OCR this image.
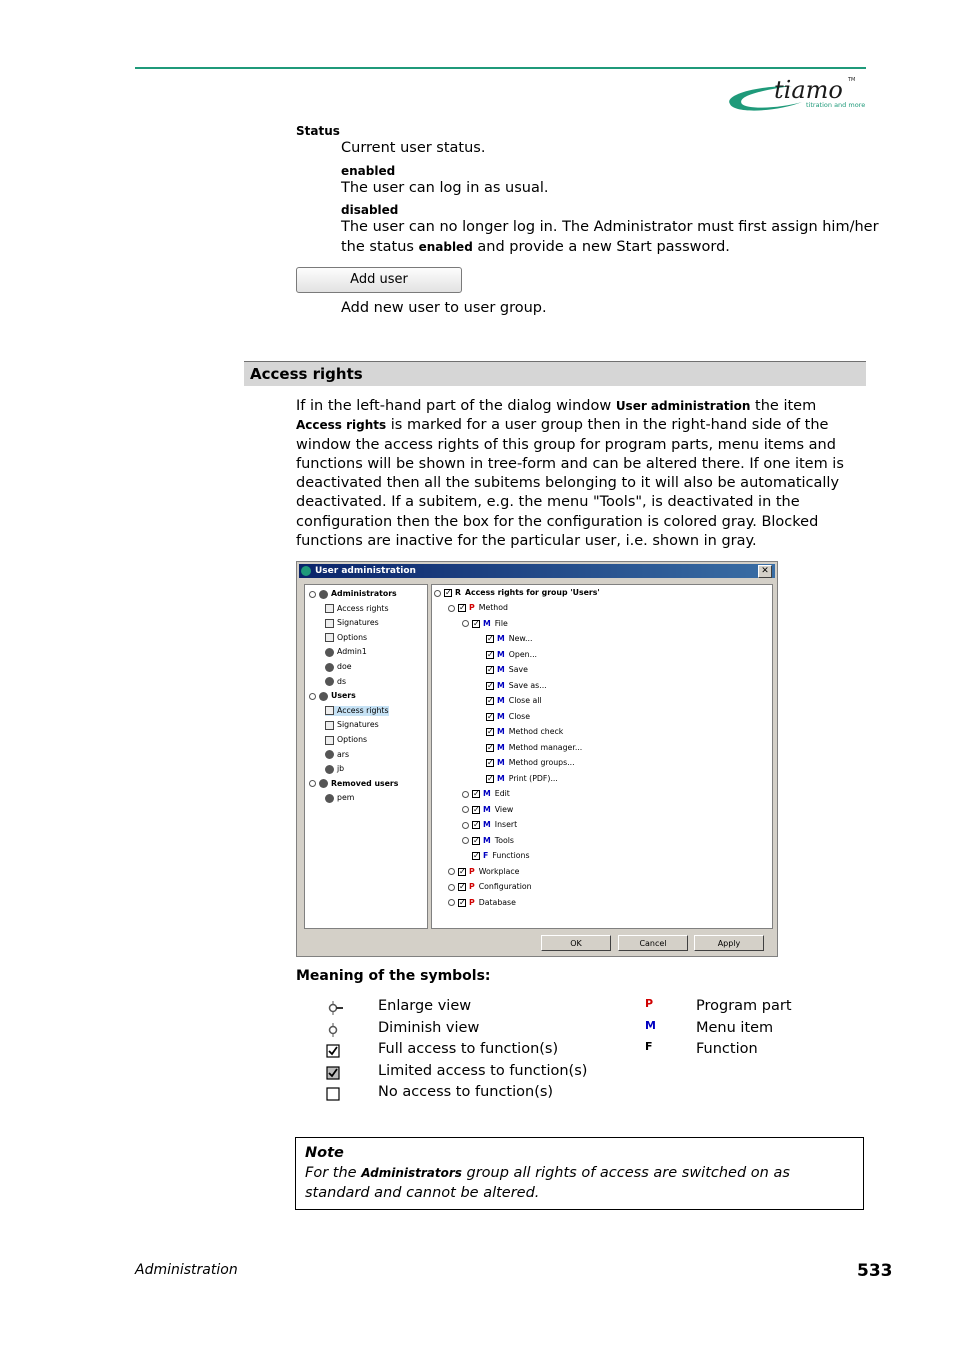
tiamo TM
titration and more
Status
Current user status.
enabled
The user can log in as usual.
disabled
The user can no longer log in. The Administrator must first assign him/her
the status enabled and provide a new Start password.
Add user
Add new user to user group.
Access rights
If in the left-hand part of the dialog window User administration the item Access rights is marked for a user group then in the right-hand side of the window the access rights of this group for program parts, menu items and functions will be shown in tree-form and can be altered there. If one item is deactivated then all the subitems belonging to it will also be automatically deactivated. If a subitem, e.g. the menu "Tools", is deactivated in the configuration then the box for the configuration is colored gray. Blocked functions are inactive for the particular user, i.e. shown in gray.
User administration	✕
Administrators
Access rights
Signatures
Options
Admin1
doe
ds
Users
Access rights
Signatures
Options
ars
jb
Removed users
pem
✓ R Access rights for group 'Users'
✓ P Method
✓ M File
✓ M New...
✓ M Open...
✓ M Save
✓ M Save as...
✓ M Close all
✓ M Close
✓ M Method check
✓ M Method manager...
✓ M Method groups...
✓ M Print (PDF)...
✓ M Edit
✓ M View
✓ M Insert
✓ M Tools
✓ F Functions
✓ P Workplace
✓ P Configuration
✓ P Database
OK	Cancel	Apply
Meaning of the symbols:
Enlarge view
Diminish view
Full access to function(s)
Limited access to function(s)
No access to function(s)
P	Program part
M	Menu item
F	Function
Note
For the Administrators group all rights of access are switched on as standard and cannot be altered.
Administration	533
